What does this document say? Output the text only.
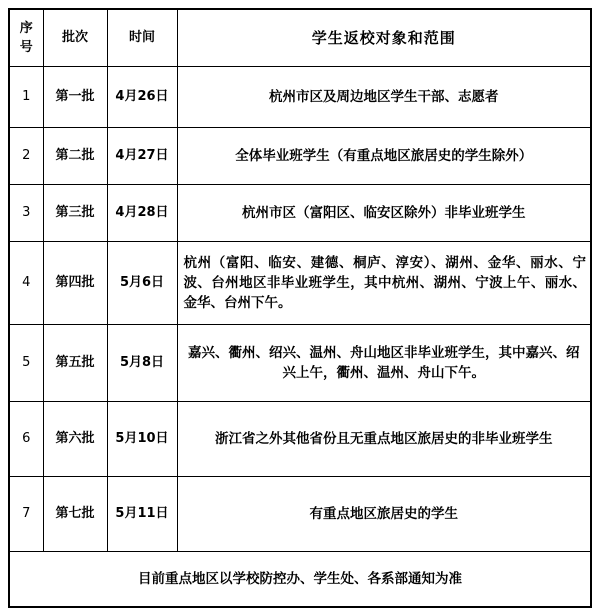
序号	批次	时间	学生返校对象和范围
1	第一批	4月26日	杭州市区及周边地区学生干部、志愿者
2	第二批	4月27日	全体毕业班学生（有重点地区旅居史的学生除外）
3	第三批	4月28日	杭州市区（富阳区、临安区除外）非毕业班学生
4	第四批	5月6日	杭州（富阳、临安、建德、桐庐、淳安）、湖州、金华、丽水、宁波、台州地区非毕业班学生，其中杭州、湖州、宁波上午、丽水、金华、台州下午。
5	第五批	5月8日	嘉兴、衢州、绍兴、温州、舟山地区非毕业班学生，其中嘉兴、绍兴上午，衢州、温州、舟山下午。
6	第六批	5月10日	浙江省之外其他省份且无重点地区旅居史的非毕业班学生
7	第七批	5月11日	有重点地区旅居史的学生
目前重点地区以学校防控办、学生处、各系部通知为准			
